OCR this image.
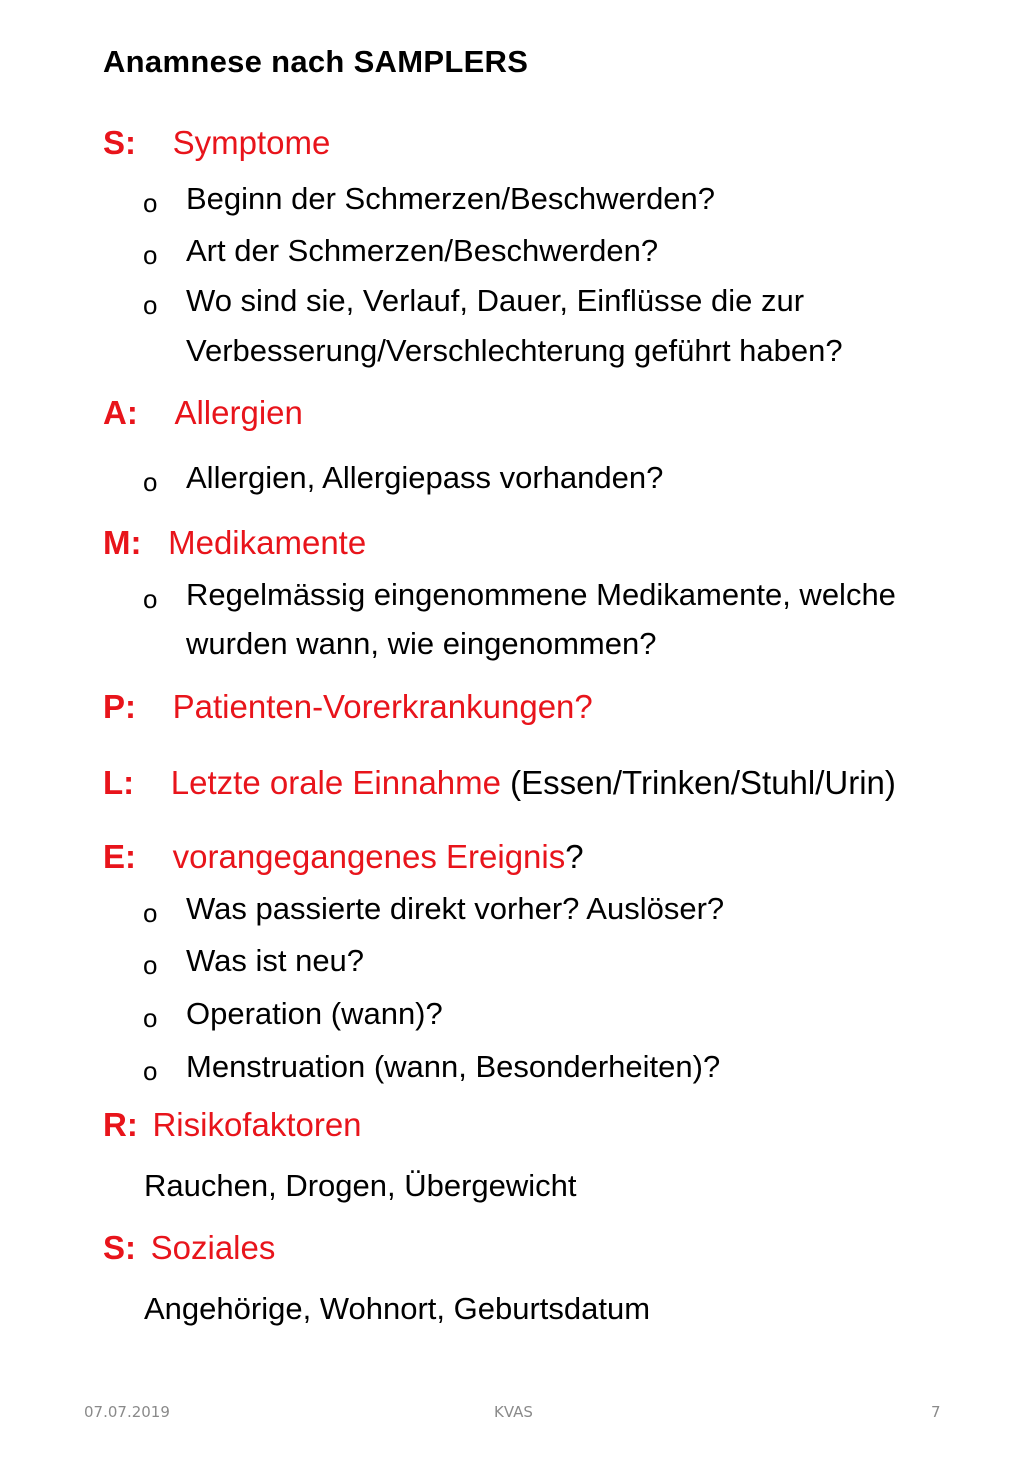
Anamnese nach SAMPLERS
S: Symptome
o Beginn der Schmerzen/Beschwerden?
o Art der Schmerzen/Beschwerden?
o Wo sind sie, Verlauf, Dauer, Einflüsse die zur
Verbesserung/Verschlechterung geführt haben?
A: Allergien
o Allergien, Allergiepass vorhanden?
M: Medikamente
o Regelmässig eingenommene Medikamente, welche
wurden wann, wie eingenommen?
P: Patienten-Vorerkrankungen?
L: Letzte orale Einnahme (Essen/Trinken/Stuhl/Urin)
E: vorangegangenes Ereignis?
o Was passierte direkt vorher? Auslöser?
o Was ist neu?
o Operation (wann)?
o Menstruation (wann, Besonderheiten)?
R: Risikofaktoren
Rauchen, Drogen, Übergewicht
S: Soziales
Angehörige, Wohnort, Geburtsdatum
07.07.2019	KVAS	7
